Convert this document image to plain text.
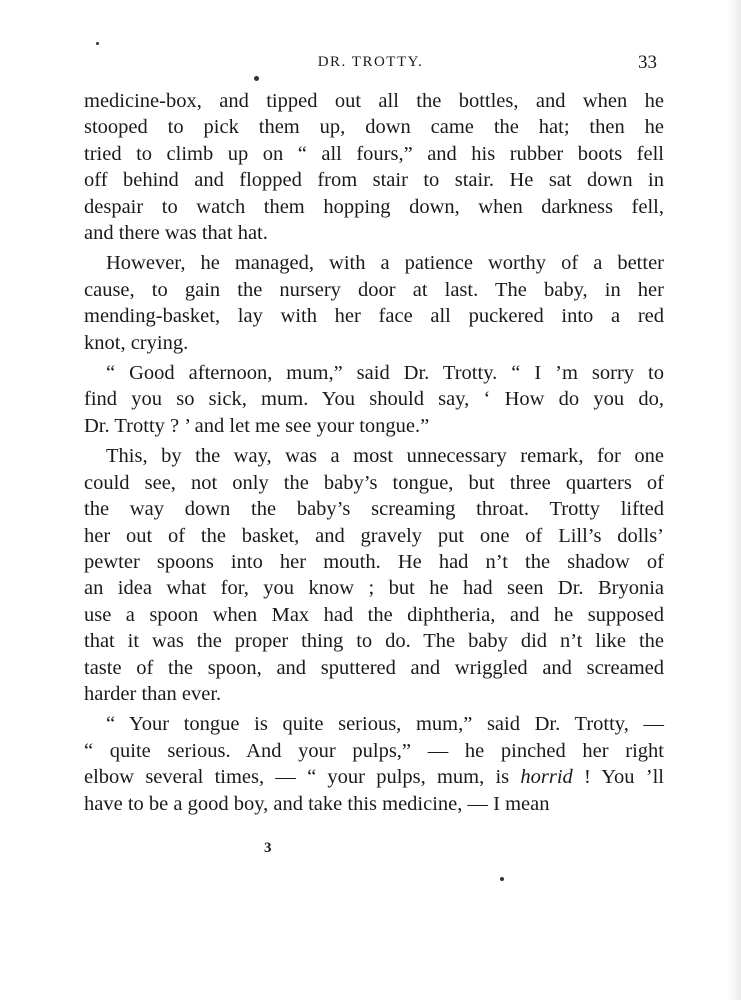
DR. TROTTY.	33
medicine-box, and tipped out all the bottles, and when he
stooped to pick them up, down came the hat; then he
tried to climb up on “ all fours,” and his rubber boots fell
off behind and flopped from stair to stair. He sat down in
despair to watch them hopping down, when darkness fell,
and there was that hat.
However, he managed, with a patience worthy of a better
cause, to gain the nursery door at last. The baby, in her
mending-basket, lay with her face all puckered into a red
knot, crying.
“ Good afternoon, mum,” said Dr. Trotty. “ I ’m sorry to
find you so sick, mum. You should say, ‘ How do you do,
Dr. Trotty ? ’ and let me see your tongue.”
This, by the way, was a most unnecessary remark, for one
could see, not only the baby’s tongue, but three quarters of
the way down the baby’s screaming throat. Trotty lifted
her out of the basket, and gravely put one of Lill’s dolls’
pewter spoons into her mouth. He had n’t the shadow of
an idea what for, you know ; but he had seen Dr. Bryonia
use a spoon when Max had the diphtheria, and he supposed
that it was the proper thing to do. The baby did n’t like the
taste of the spoon, and sputtered and wriggled and screamed
harder than ever.
“ Your tongue is quite serious, mum,” said Dr. Trotty, —
“ quite serious. And your pulps,” — he pinched her right
elbow several times, — “ your pulps, mum, is horrid ! You ’ll
have to be a good boy, and take this medicine, — I mean
3
